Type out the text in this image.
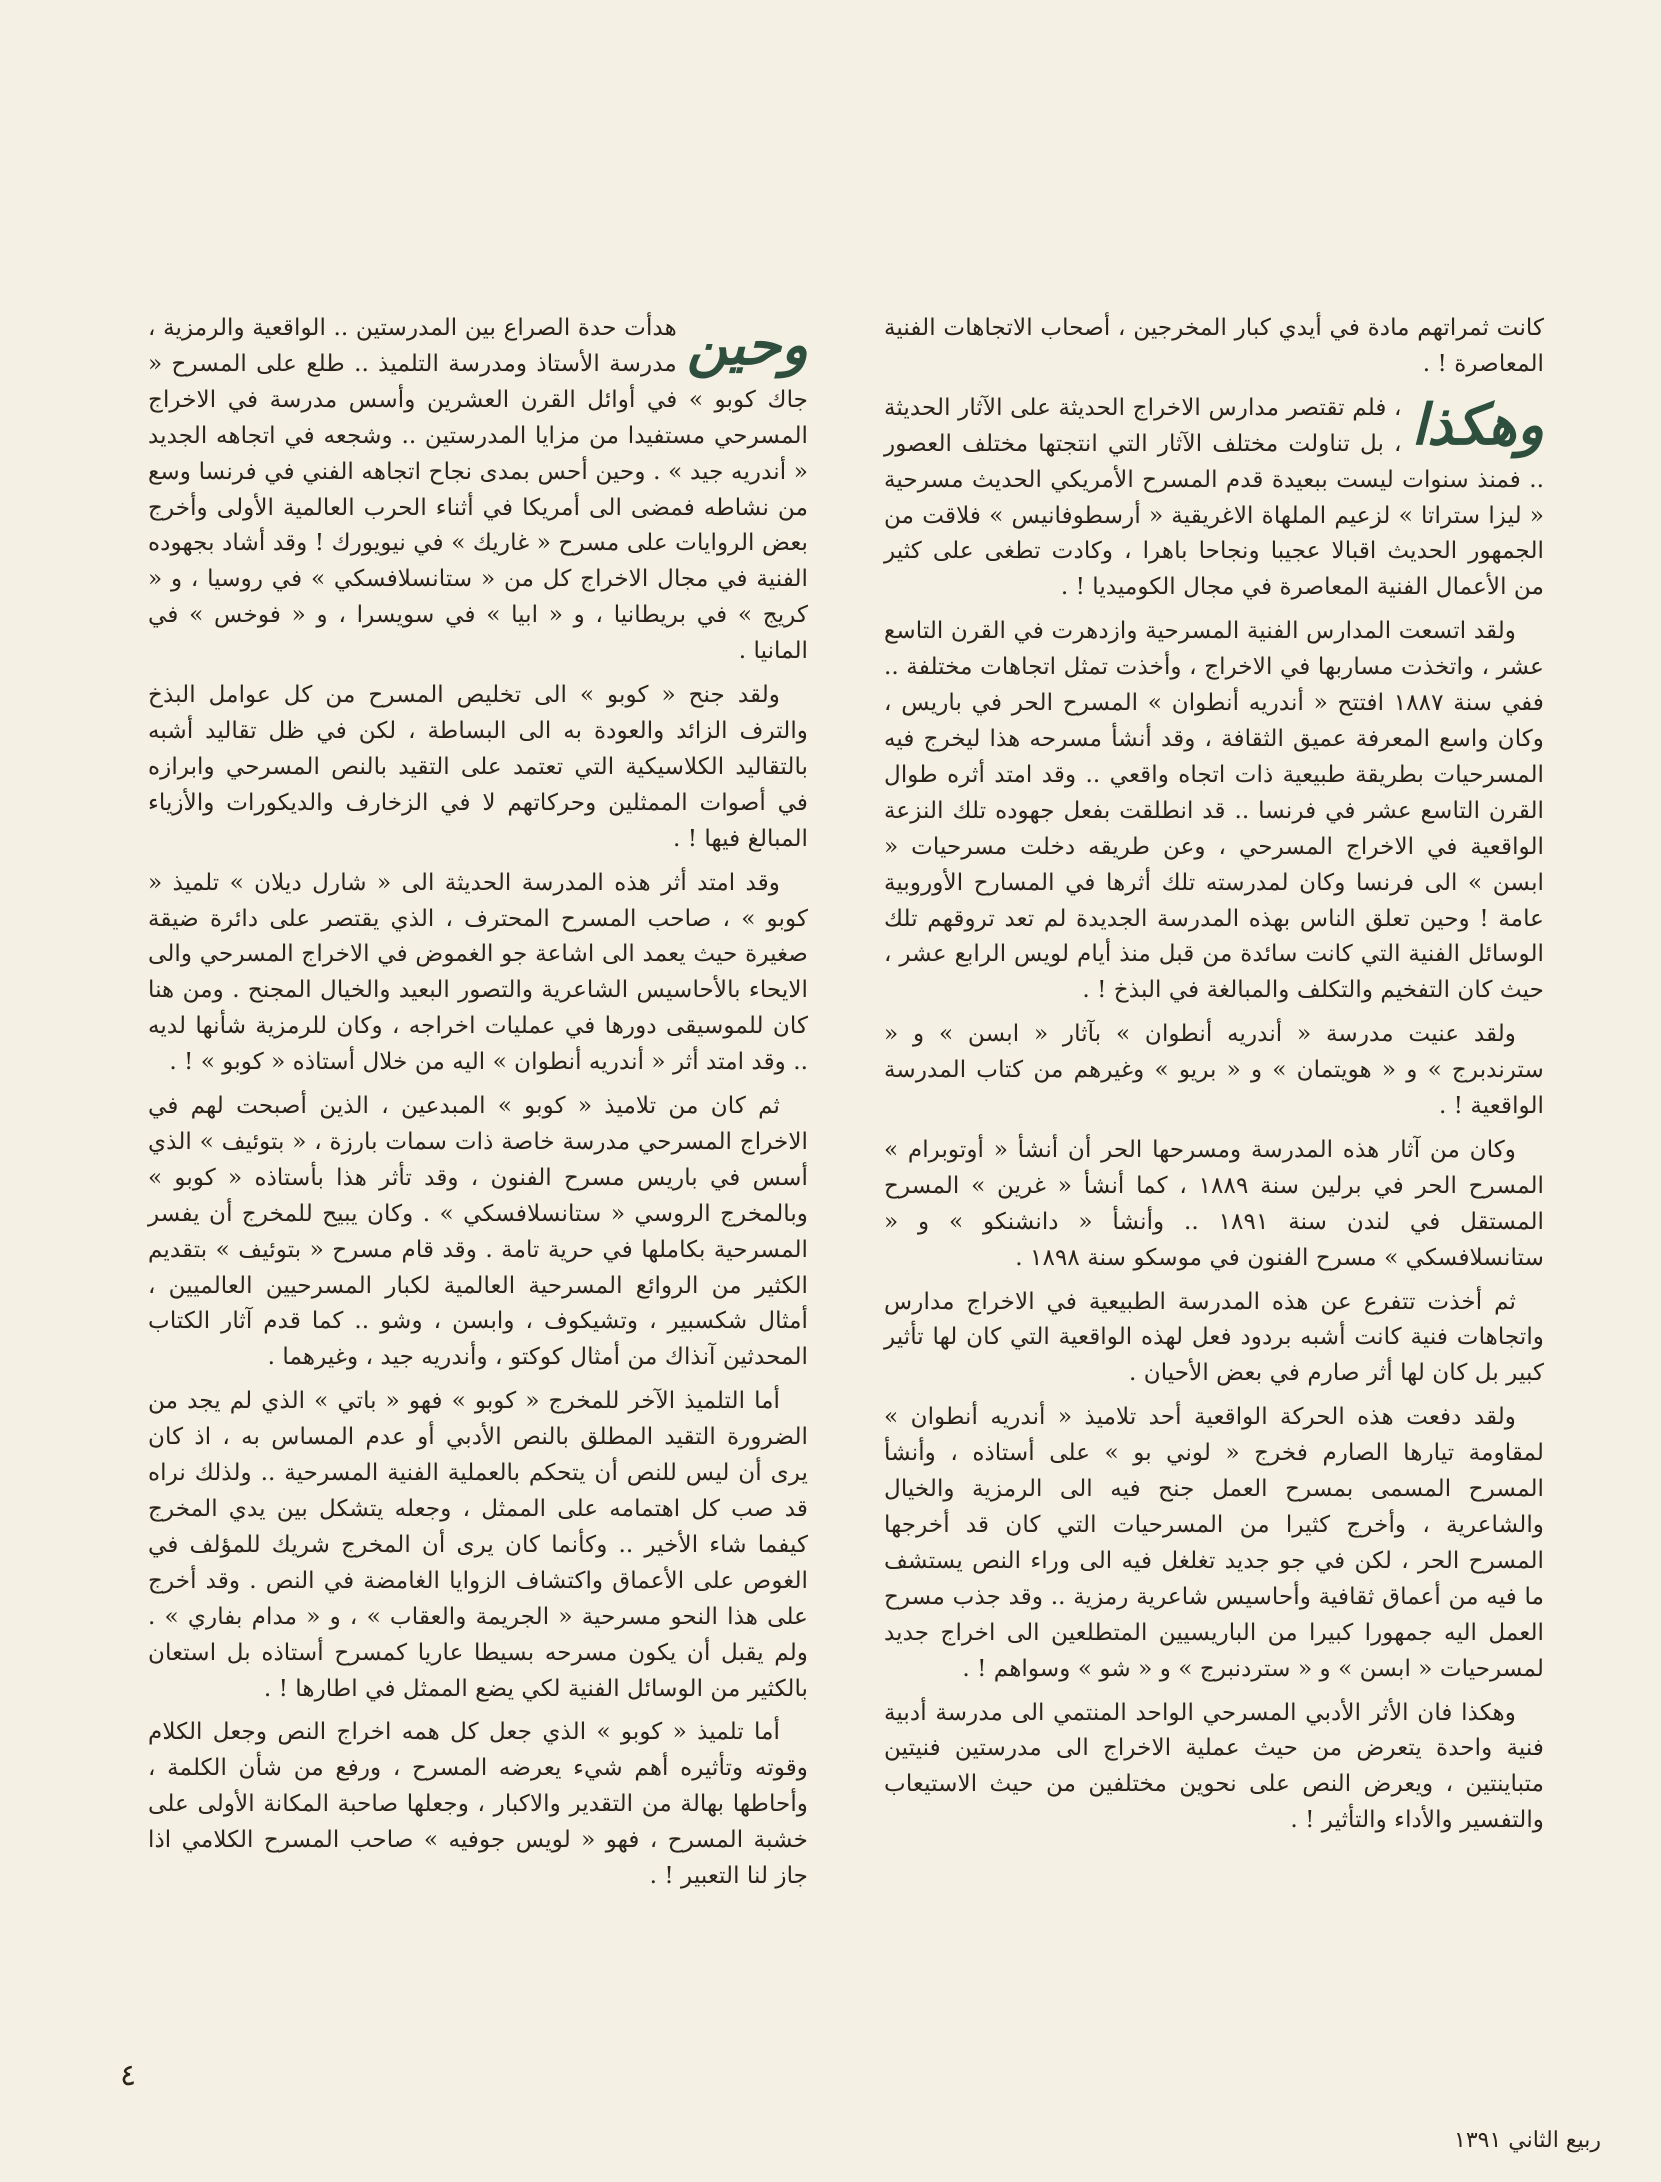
كانت ثمراتهم مادة في أيدي كبار المخرجين ، أصحاب الاتجاهات الفنية المعاصرة ! .

وهكذا
، فلم تقتصر مدارس الاخراج الحديثة على الآثار الحديثة ، بل تناولت مختلف الآثار التي انتجتها مختلف العصور .. فمنذ سنوات ليست ببعيدة قدم المسرح الأمريكي الحديث مسرحية « ليزا ستراتا » لزعيم الملهاة الاغريقية « أرسطوفانيس » فلاقت من الجمهور الحديث اقبالا عجيبا ونجاحا باهرا ، وكادت تطغى على كثير من الأعمال الفنية المعاصرة في مجال الكوميديا ! .

ولقد اتسعت المدارس الفنية المسرحية وازدهرت في القرن التاسع عشر ، واتخذت مساربها في الاخراج ، وأخذت تمثل اتجاهات مختلفة .. ففي سنة ١٨٨٧ افتتح « أندريه أنطوان » المسرح الحر في باريس ، وكان واسع المعرفة عميق الثقافة ، وقد أنشأ مسرحه هذا ليخرج فيه المسرحيات بطريقة طبيعية ذات اتجاه واقعي .. وقد امتد أثره طوال القرن التاسع عشر في فرنسا .. قد انطلقت بفعل جهوده تلك النزعة الواقعية في الاخراج المسرحي ، وعن طريقه دخلت مسرحيات « ابسن » الى فرنسا وكان لمدرسته تلك أثرها في المسارح الأوروبية عامة ! وحين تعلق الناس بهذه المدرسة الجديدة لم تعد تروقهم تلك الوسائل الفنية التي كانت سائدة من قبل منذ أيام لويس الرابع عشر ، حيث كان التفخيم والتكلف والمبالغة في البذخ ! .

ولقد عنيت مدرسة « أندريه أنطوان » بآثار « ابسن » و « سترندبرج » و « هويتمان » و « بريو » وغيرهم من كتاب المدرسة الواقعية ! .

وكان من آثار هذه المدرسة ومسرحها الحر أن أنشأ « أوتوبرام » المسرح الحر في برلين سنة ١٨٨٩ ، كما أنشأ « غرين » المسرح المستقل في لندن سنة ١٨٩١ .. وأنشأ « دانشنكو » و « ستانسلافسكي » مسرح الفنون في موسكو سنة ١٨٩٨ .

ثم أخذت تتفرع عن هذه المدرسة الطبيعية في الاخراج مدارس واتجاهات فنية كانت أشبه بردود فعل لهذه الواقعية التي كان لها تأثير كبير بل كان لها أثر صارم في بعض الأحيان .

ولقد دفعت هذه الحركة الواقعية أحد تلاميذ « أندريه أنطوان » لمقاومة تيارها الصارم فخرج « لوني بو » على أستاذه ، وأنشأ المسرح المسمى بمسرح العمل جنح فيه الى الرمزية والخيال والشاعرية ، وأخرج كثيرا من المسرحيات التي كان قد أخرجها المسرح الحر ، لكن في جو جديد تغلغل فيه الى وراء النص يستشف ما فيه من أعماق ثقافية وأحاسيس شاعرية رمزية .. وقد جذب مسرح العمل اليه جمهورا كبيرا من الباريسيين المتطلعين الى اخراج جديد لمسرحيات « ابسن » و « ستردنبرج » و « شو » وسواهم ! .

وهكذا فان الأثر الأدبي المسرحي الواحد المنتمي الى مدرسة أدبية فنية واحدة يتعرض من حيث عملية الاخراج الى مدرستين فنيتين متباينتين ، ويعرض النص على نحوين مختلفين من حيث الاستيعاب والتفسير والأداء والتأثير ! .

وحين
هدأت حدة الصراع بين المدرستين .. الواقعية والرمزية ، مدرسة الأستاذ ومدرسة التلميذ .. طلع على المسرح « جاك كوبو » في أوائل القرن العشرين وأسس مدرسة في الاخراج المسرحي مستفيدا من مزايا المدرستين .. وشجعه في اتجاهه الجديد « أندريه جيد » . وحين أحس بمدى نجاح اتجاهه الفني في فرنسا وسع من نشاطه فمضى الى أمريكا في أثناء الحرب العالمية الأولى وأخرج بعض الروايات على مسرح « غاريك » في نيويورك ! وقد أشاد بجهوده الفنية في مجال الاخراج كل من « ستانسلافسكي » في روسيا ، و « كريج » في بريطانيا ، و « ابيا » في سويسرا ، و « فوخس » في المانيا .

ولقد جنح « كوبو » الى تخليص المسرح من كل عوامل البذخ والترف الزائد والعودة به الى البساطة ، لكن في ظل تقاليد أشبه بالتقاليد الكلاسيكية التي تعتمد على التقيد بالنص المسرحي وابرازه في أصوات الممثلين وحركاتهم لا في الزخارف والديكورات والأزياء المبالغ فيها ! .

وقد امتد أثر هذه المدرسة الحديثة الى « شارل ديلان » تلميذ « كوبو » ، صاحب المسرح المحترف ، الذي يقتصر على دائرة ضيقة صغيرة حيث يعمد الى اشاعة جو الغموض في الاخراج المسرحي والى الايحاء بالأحاسيس الشاعرية والتصور البعيد والخيال المجنح . ومن هنا كان للموسيقى دورها في عمليات اخراجه ، وكان للرمزية شأنها لديه .. وقد امتد أثر « أندريه أنطوان » اليه من خلال أستاذه « كوبو » ! .

ثم كان من تلاميذ « كوبو » المبدعين ، الذين أصبحت لهم في الاخراج المسرحي مدرسة خاصة ذات سمات بارزة ، « بتوئيف » الذي أسس في باريس مسرح الفنون ، وقد تأثر هذا بأستاذه « كوبو » وبالمخرج الروسي « ستانسلافسكي » . وكان يبيح للمخرج أن يفسر المسرحية بكاملها في حرية تامة . وقد قام مسرح « بتوئيف » بتقديم الكثير من الروائع المسرحية العالمية لكبار المسرحيين العالميين ، أمثال شكسبير ، وتشيكوف ، وابسن ، وشو .. كما قدم آثار الكتاب المحدثين آنذاك من أمثال كوكتو ، وأندريه جيد ، وغيرهما .

أما التلميذ الآخر للمخرج « كوبو » فهو « باتي » الذي لم يجد من الضرورة التقيد المطلق بالنص الأدبي أو عدم المساس به ، اذ كان يرى أن ليس للنص أن يتحكم بالعملية الفنية المسرحية .. ولذلك نراه قد صب كل اهتمامه على الممثل ، وجعله يتشكل بين يدي المخرج كيفما شاء الأخير .. وكأنما كان يرى أن المخرج شريك للمؤلف في الغوص على الأعماق واكتشاف الزوايا الغامضة في النص . وقد أخرج على هذا النحو مسرحية « الجريمة والعقاب » ، و « مدام بفاري » . ولم يقبل أن يكون مسرحه بسيطا عاريا كمسرح أستاذه بل استعان بالكثير من الوسائل الفنية لكي يضع الممثل في اطارها ! .

أما تلميذ « كوبو » الذي جعل كل همه اخراج النص وجعل الكلام وقوته وتأثيره أهم شيء يعرضه المسرح ، ورفع من شأن الكلمة ، وأحاطها بهالة من التقدير والاكبار ، وجعلها صاحبة المكانة الأولى على خشبة المسرح ، فهو « لويس جوفيه » صاحب المسرح الكلامي اذا جاز لنا التعبير ! .

٤
ربيع الثاني ١٣٩١
